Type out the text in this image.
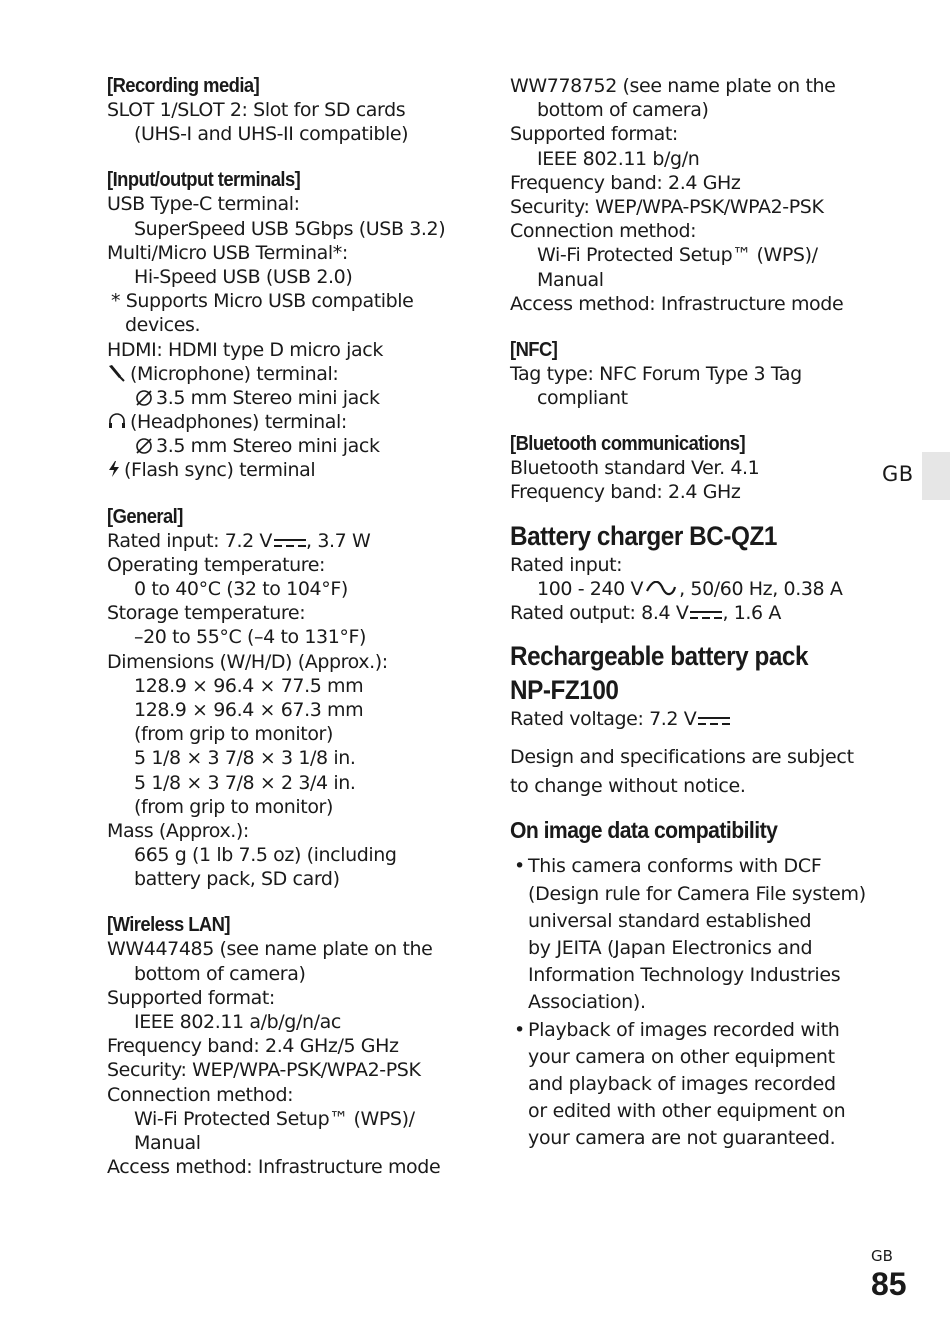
[Recording media]
SLOT 1/SLOT 2: Slot for SD cards
(UHS-I and UHS-II compatible)
[Input/output terminals]
USB Type-C terminal:
SuperSpeed USB 5Gbps (USB 3.2)
Multi/Micro USB Terminal*:
Hi-Speed USB (USB 2.0)
* Supports Micro USB compatible
devices.
HDMI: HDMI type D micro jack
(Microphone) terminal:
3.5 mm Stereo mini jack
(Headphones) terminal:
3.5 mm Stereo mini jack
(Flash sync) terminal
[General]
Rated input: 7.2 V , 3.7 W
Operating temperature:
0 to 40°C (32 to 104°F)
Storage temperature:
–20 to 55°C (–4 to 131°F)
Dimensions (W/H/D) (Approx.):
128.9 × 96.4 × 77.5 mm
128.9 × 96.4 × 67.3 mm
(from grip to monitor)
5 1/8 × 3 7/8 × 3 1/8 in.
5 1/8 × 3 7/8 × 2 3/4 in.
(from grip to monitor)
Mass (Approx.):
665 g (1 lb 7.5 oz) (including
battery pack, SD card)
[Wireless LAN]
WW447485 (see name plate on the
bottom of camera)
Supported format:
IEEE 802.11 a/b/g/n/ac
Frequency band: 2.4 GHz/5 GHz
Security: WEP/WPA-PSK/WPA2-PSK
Connection method:
Wi-Fi Protected Setup™ (WPS)/
Manual
Access method: Infrastructure mode
WW778752 (see name plate on the
bottom of camera)
Supported format:
IEEE 802.11 b/g/n
Frequency band: 2.4 GHz
Security: WEP/WPA-PSK/WPA2-PSK
Connection method:
Wi-Fi Protected Setup™ (WPS)/
Manual
Access method: Infrastructure mode
[NFC]
Tag type: NFC Forum Type 3 Tag
compliant
[Bluetooth communications]
Bluetooth standard Ver. 4.1
Frequency band: 2.4 GHz
Battery charger BC-QZ1
Rated input:
100 - 240 V , 50/60 Hz, 0.38 A
Rated output: 8.4 V , 1.6 A
Rechargeable battery pack
NP-FZ100
Rated voltage: 7.2 V
Design and specifications are subject
to change without notice.
On image data compatibility
• This camera conforms with DCF
(Design rule for Camera File system)
universal standard established
by JEITA (Japan Electronics and
Information Technology Industries
Association).
• Playback of images recorded with
your camera on other equipment
and playback of images recorded
or edited with other equipment on
your camera are not guaranteed.
GB
GB
85
